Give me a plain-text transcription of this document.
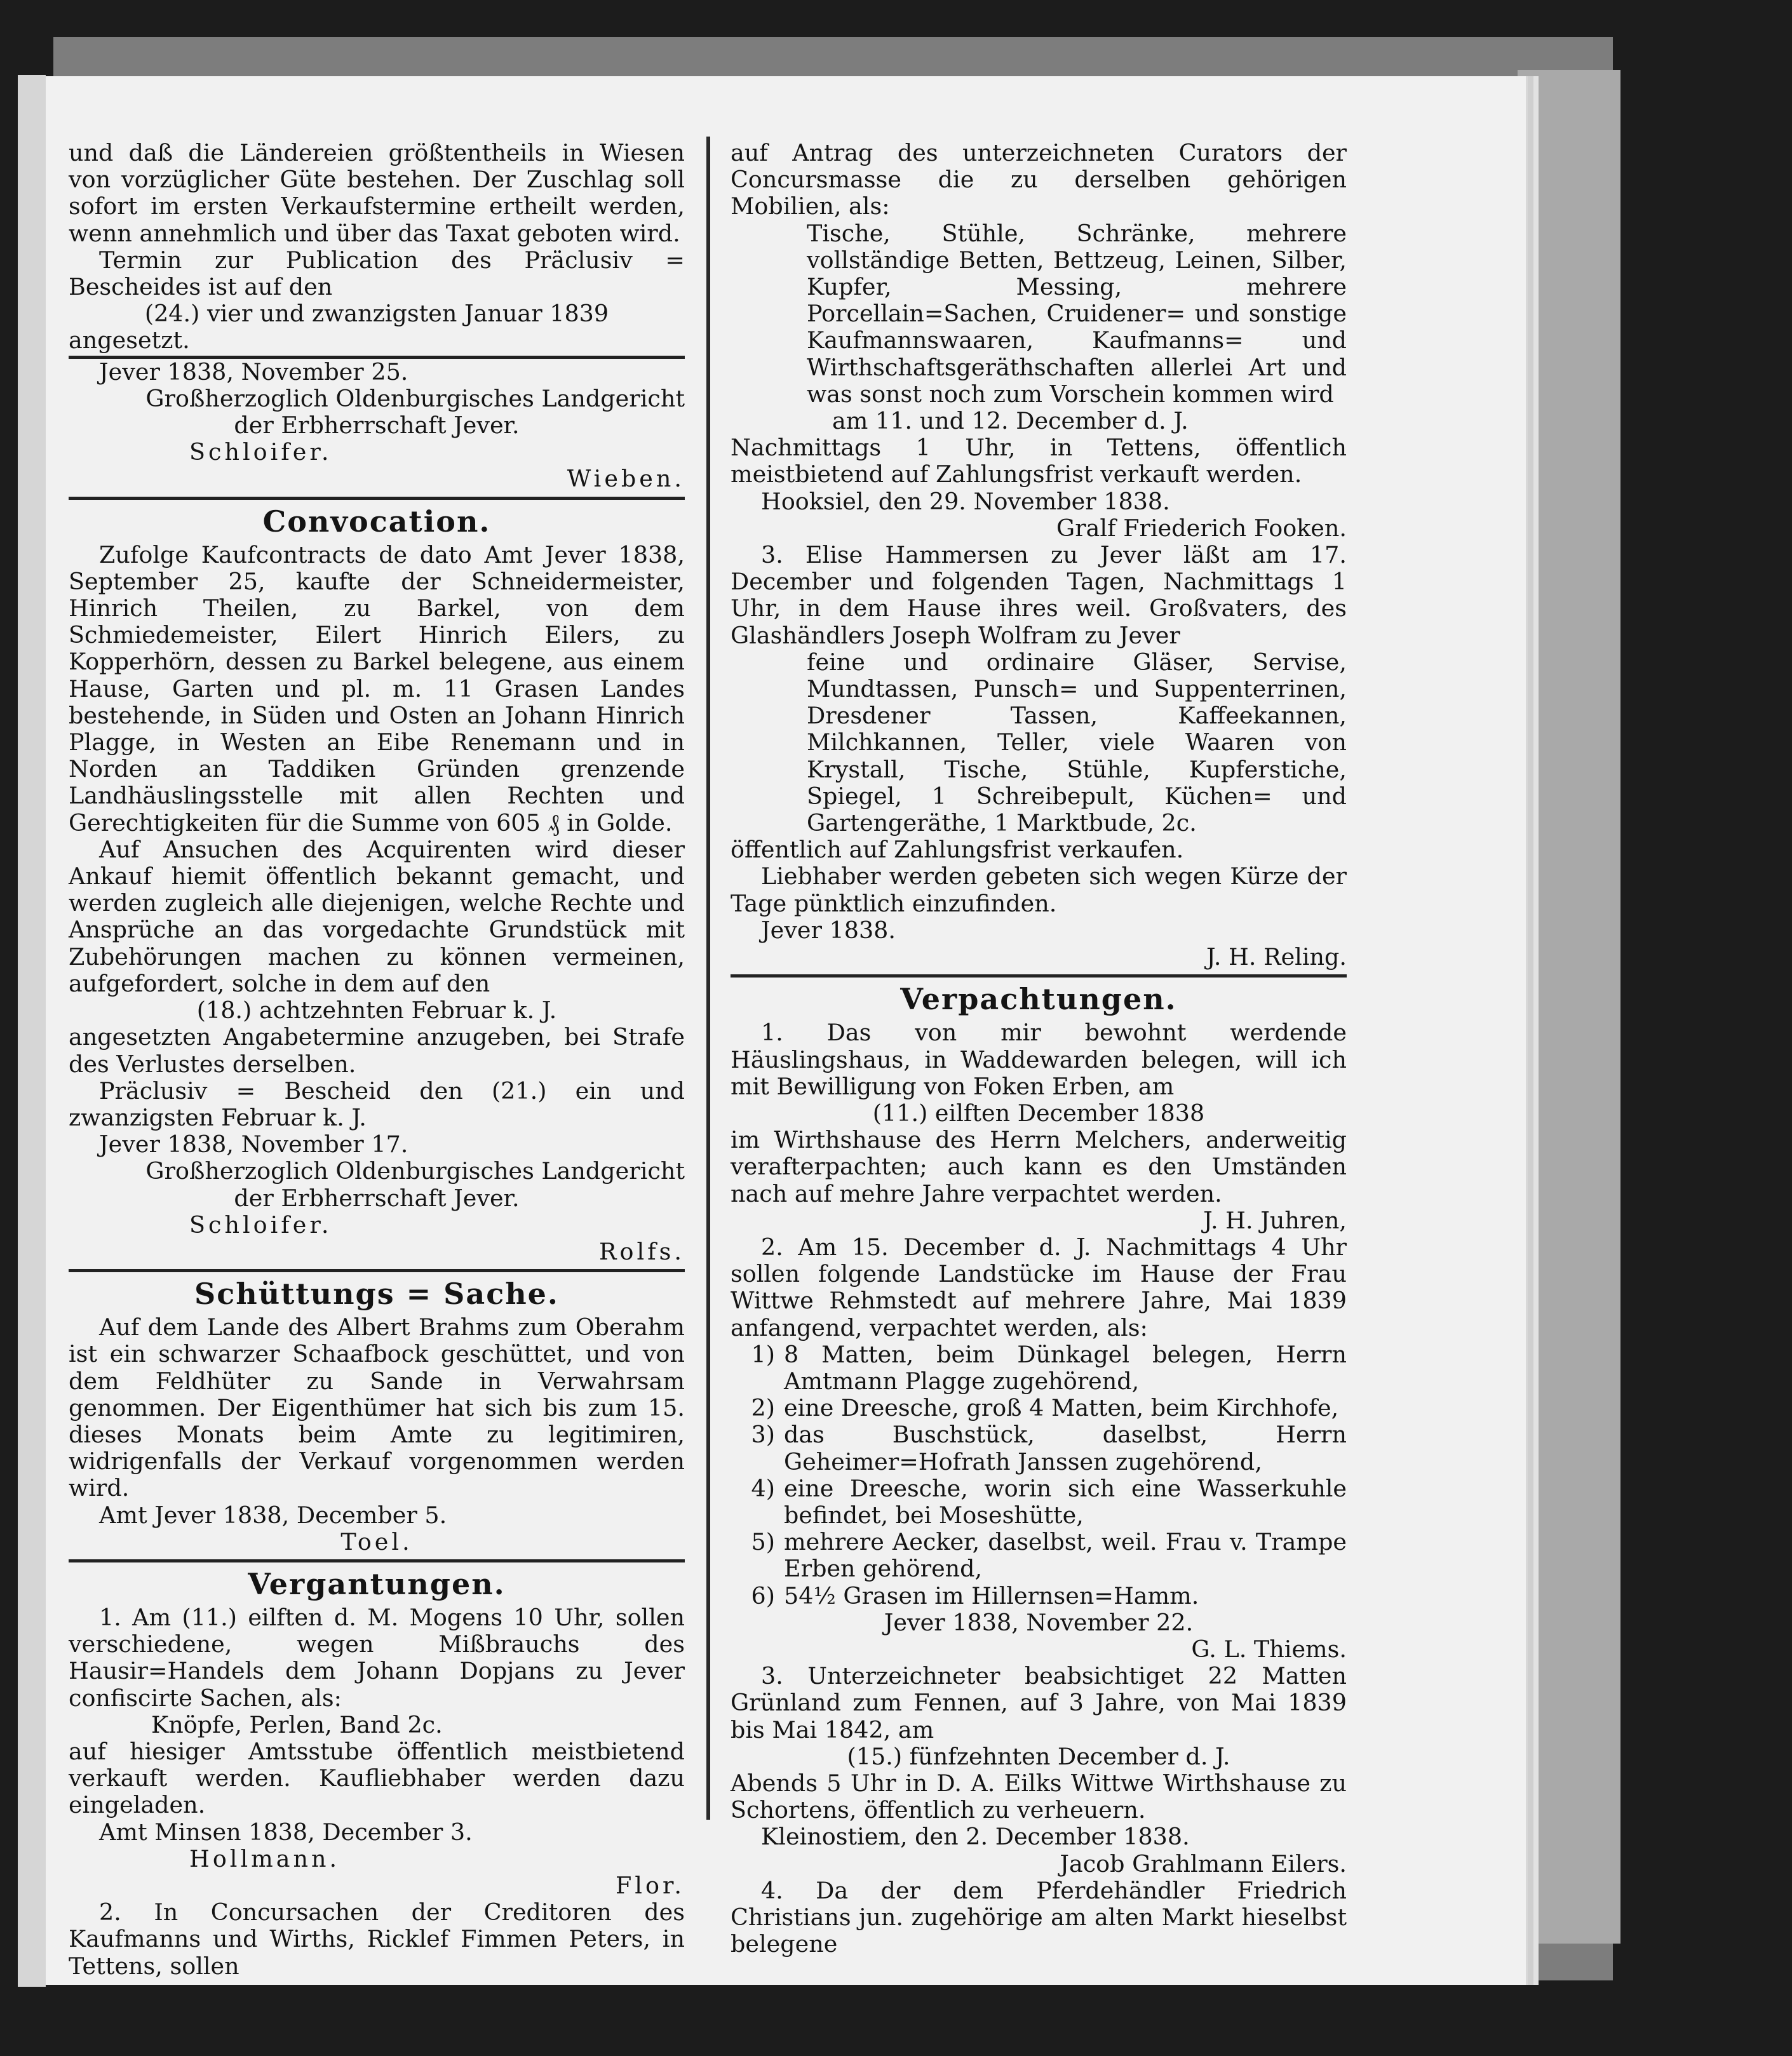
und daß die Ländereien größtentheils in Wiesen von vorzüglicher Güte bestehen. Der Zuschlag soll sofort im ersten Verkaufstermine ertheilt werden, wenn annehmlich und über das Taxat geboten wird.

Termin zur Publication des Präclusiv = Bescheides ist auf den

(24.) vier und zwanzigsten Januar 1839

angesetzt.

Jever 1838, November 25.

Großherzoglich Oldenburgisches Landgericht

der Erbherrschaft Jever.

Schloifer.

Wieben.

Convocation.

Zufolge Kaufcontracts de dato Amt Jever 1838, September 25, kaufte der Schneidermeister, Hinrich Theilen, zu Barkel, von dem Schmiedemeister, Eilert Hinrich Eilers, zu Kopperhörn, dessen zu Barkel belegene, aus einem Hause, Garten und pl. m. 11 Grasen Landes bestehende, in Süden und Osten an Johann Hinrich Plagge, in Westen an Eibe Renemann und in Norden an Taddiken Gründen grenzende Landhäuslingsstelle mit allen Rechten und Gerechtigkeiten für die Summe von 605 ₰ in Golde.

Auf Ansuchen des Acquirenten wird dieser Ankauf hiemit öffentlich bekannt gemacht, und werden zugleich alle diejenigen, welche Rechte und Ansprüche an das vorgedachte Grundstück mit Zubehörungen machen zu können vermeinen, aufgefordert, solche in dem auf den

(18.) achtzehnten Februar k. J.

angesetzten Angabetermine anzugeben, bei Strafe des Verlustes derselben.

Präclusiv = Bescheid den (21.) ein und zwanzigsten Februar k. J.

Jever 1838, November 17.

Großherzoglich Oldenburgisches Landgericht

der Erbherrschaft Jever.

Schloifer.

Rolfs.

Schüttungs = Sache.

Auf dem Lande des Albert Brahms zum Oberahm ist ein schwarzer Schaafbock geschüttet, und von dem Feldhüter zu Sande in Verwahrsam genommen. Der Eigenthümer hat sich bis zum 15. dieses Monats beim Amte zu legitimiren, widrigenfalls der Verkauf vorgenommen werden wird.

Amt Jever 1838, December 5.

Toel.

Vergantungen.

1. Am (11.) eilften d. M. Mogens 10 Uhr, sollen verschiedene, wegen Mißbrauchs des Hausir=Handels dem Johann Dopjans zu Jever confiscirte Sachen, als:

Knöpfe, Perlen, Band 2c.

auf hiesiger Amtsstube öffentlich meistbietend verkauft werden. Kaufliebhaber werden dazu eingeladen.

Amt Minsen 1838, December 3.

Hollmann.

Flor.

2. In Concursachen der Creditoren des Kaufmanns und Wirths, Ricklef Fimmen Peters, in Tettens, sollen

auf Antrag des unterzeichneten Curators der Concursmasse die zu derselben gehörigen Mobilien, als:

Tische, Stühle, Schränke, mehrere vollständige Betten, Bettzeug, Leinen, Silber, Kupfer, Messing, mehrere Porcellain=Sachen, Cruidener= und sonstige Kaufmannswaaren, Kaufmanns= und Wirthschaftsgeräthschaften allerlei Art und was sonst noch zum Vorschein kommen wird

am 11. und 12. December d. J.

Nachmittags 1 Uhr, in Tettens, öffentlich meistbietend auf Zahlungsfrist verkauft werden.

Hooksiel, den 29. November 1838.

Gralf Friederich Fooken.

3. Elise Hammersen zu Jever läßt am 17. December und folgenden Tagen, Nachmittags 1 Uhr, in dem Hause ihres weil. Großvaters, des Glashändlers Joseph Wolfram zu Jever

feine und ordinaire Gläser, Servise, Mundtassen, Punsch= und Suppenterrinen, Dresdener Tassen, Kaffeekannen, Milchkannen, Teller, viele Waaren von Krystall, Tische, Stühle, Kupferstiche, Spiegel, 1 Schreibepult, Küchen= und Gartengeräthe, 1 Marktbude, 2c.

öffentlich auf Zahlungsfrist verkaufen.

Liebhaber werden gebeten sich wegen Kürze der Tage pünktlich einzufinden.

Jever 1838.

J. H. Reling.

Verpachtungen.

1. Das von mir bewohnt werdende Häuslingshaus, in Waddewarden belegen, will ich mit Bewilligung von Foken Erben, am

(11.) eilften December 1838

im Wirthshause des Herrn Melchers, anderweitig verafterpachten; auch kann es den Umständen nach auf mehre Jahre verpachtet werden.

J. H. Juhren,

2. Am 15. December d. J. Nachmittags 4 Uhr sollen folgende Landstücke im Hause der Frau Wittwe Rehmstedt auf mehrere Jahre, Mai 1839 anfangend, verpachtet werden, als:

1) 8 Matten, beim Dünkagel belegen, Herrn Amtmann Plagge zugehörend,
2) eine Dreesche, groß 4 Matten, beim Kirchhofe,
3) das Buschstück, daselbst, Herrn Geheimer=Hofrath Janssen zugehörend,
4) eine Dreesche, worin sich eine Wasserkuhle befindet, bei Moseshütte,
5) mehrere Aecker, daselbst, weil. Frau v. Trampe Erben gehörend,
6) 54½ Grasen im Hillernsen=Hamm.

Jever 1838, November 22.

G. L. Thiems.

3. Unterzeichneter beabsichtiget 22 Matten Grünland zum Fennen, auf 3 Jahre, von Mai 1839 bis Mai 1842, am

(15.) fünfzehnten December d. J.

Abends 5 Uhr in D. A. Eilks Wittwe Wirthshause zu Schortens, öffentlich zu verheuern.

Kleinostiem, den 2. December 1838.

Jacob Grahlmann Eilers.

4. Da der dem Pferdehändler Friedrich Christians jun. zugehörige am alten Markt hieselbst belegene
